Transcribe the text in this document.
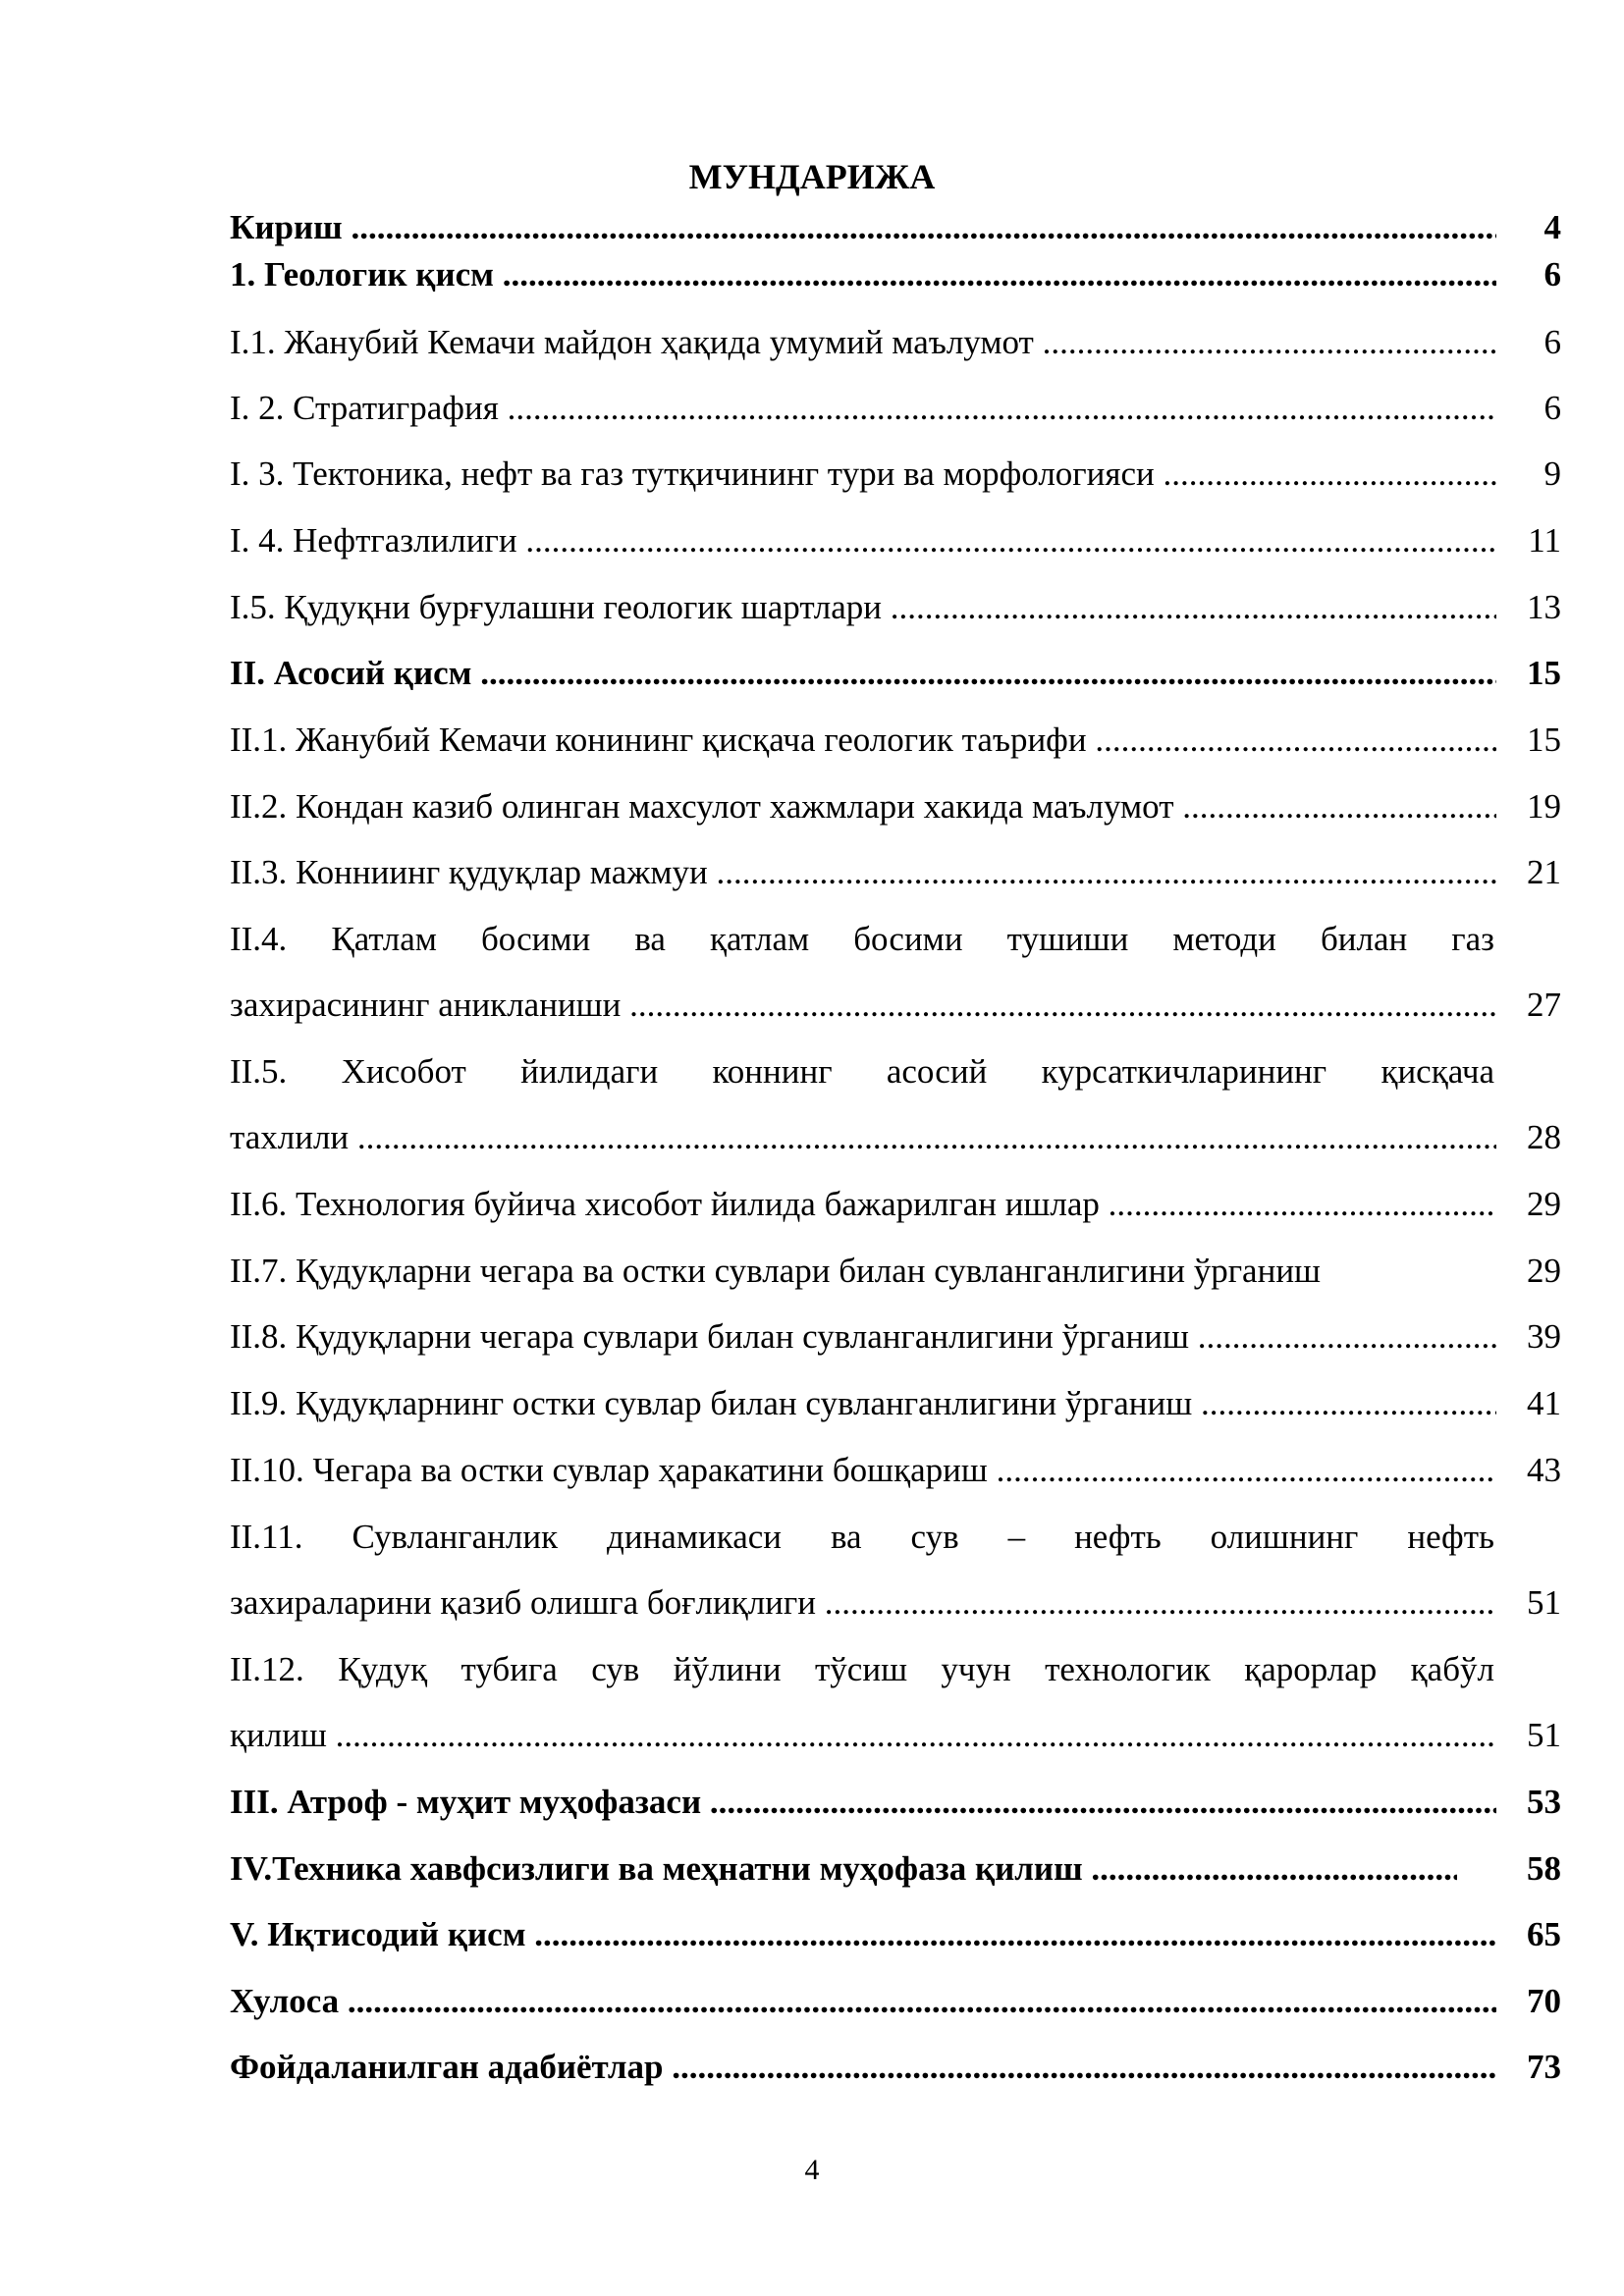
МУНДАРИЖА
Кириш .....	4
1. Геологик қисм .....	6
I.1. Жанубий Кемачи майдон ҳақида умумий маълумот .....	6
I. 2. Стратиграфия .....	6
I. 3. Тектоника, нефт ва газ тутқичининг тури ва морфологияси .....	9
I. 4. Нефтгазлилиги .....	11
I.5. Қудуқни бурғулашни геологик шартлари .....	13
II. Асосий қисм .....	15
II.1. Жанубий Кемачи конининг қисқача геологик таърифи .....	15
II.2. Кондан казиб олинган махсулот хажмлари хакида маълумот .....	19
II.3. Конниинг қудуқлар мажмуи .....	21
II.4. Қатлам босими ва қатлам босими тушиши методи билан газ
захирасининг аникланиши .....	27
II.5. Хисобот йилидаги коннинг асосий курсаткичларининг қисқача
тахлили .....	28
II.6. Технология буйича хисобот йилида бажарилган ишлар .....	29
II.7. Қудуқларни чегара ва остки сувлари билан сувланганлигини ўрганиш	29
II.8. Қудуқларни чегара сувлари билан сувланганлигини ўрганиш .....	39
II.9. Қудуқларнинг остки сувлар билан сувланганлигини ўрганиш .....	41
II.10. Чегара ва остки сувлар ҳаракатини бошқариш .....	43
II.11. Сувланганлик динамикаси ва сув – нефть олишнинг нефть
захираларини қазиб олишга боғлиқлиги .....	51
II.12. Қудуқ тубига сув йўлини тўсиш учун технологик қарорлар қабўл
қилиш .....	51
III. Атроф - муҳит муҳофазаси .....	53
IV.Техника хавфсизлиги ва меҳнатни муҳофаза қилиш .....	58
V. Иқтисодий қисм .....	65
Хулоса .....	70
Фойдаланилган адабиётлар .....	73
4
